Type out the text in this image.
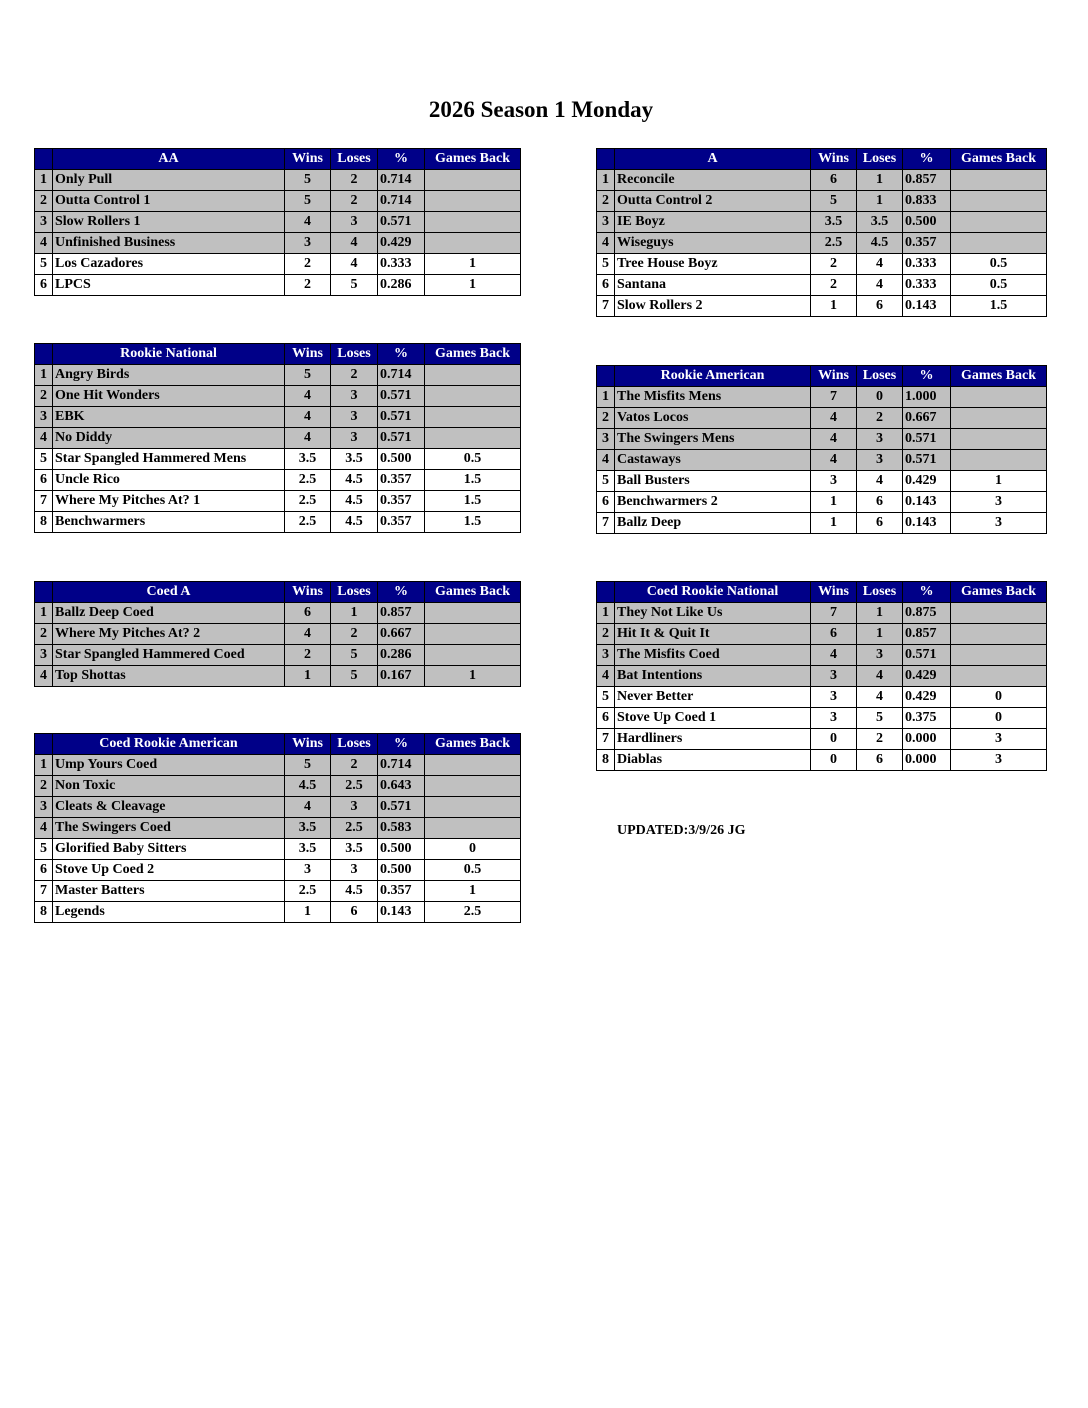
2026 Season 1 Monday
	AA	Wins	Loses	%	Games Back
1	Only Pull	5	2	0.714	
2	Outta Control 1	5	2	0.714	
3	Slow Rollers 1	4	3	0.571	
4	Unfinished Business	3	4	0.429	
5	Los Cazadores	2	4	0.333	1
6	LPCS	2	5	0.286	1
	A	Wins	Loses	%	Games Back
1	Reconcile	6	1	0.857	
2	Outta Control 2	5	1	0.833	
3	IE Boyz	3.5	3.5	0.500	
4	Wiseguys	2.5	4.5	0.357	
5	Tree House Boyz	2	4	0.333	0.5
6	Santana	2	4	0.333	0.5
7	Slow Rollers 2	1	6	0.143	1.5
	Rookie National	Wins	Loses	%	Games Back
1	Angry Birds	5	2	0.714	
2	One Hit Wonders	4	3	0.571	
3	EBK	4	3	0.571	
4	No Diddy	4	3	0.571	
5	Star Spangled Hammered Mens	3.5	3.5	0.500	0.5
6	Uncle Rico	2.5	4.5	0.357	1.5
7	Where My Pitches At? 1	2.5	4.5	0.357	1.5
8	Benchwarmers	2.5	4.5	0.357	1.5
	Rookie American	Wins	Loses	%	Games Back
1	The Misfits Mens	7	0	1.000	
2	Vatos Locos	4	2	0.667	
3	The Swingers Mens	4	3	0.571	
4	Castaways	4	3	0.571	
5	Ball Busters	3	4	0.429	1
6	Benchwarmers 2	1	6	0.143	3
7	Ballz Deep	1	6	0.143	3
	Coed A	Wins	Loses	%	Games Back
1	Ballz Deep Coed	6	1	0.857	
2	Where My Pitches At? 2	4	2	0.667	
3	Star Spangled Hammered Coed	2	5	0.286	
4	Top Shottas	1	5	0.167	1
	Coed Rookie National	Wins	Loses	%	Games Back
1	They Not Like Us	7	1	0.875	
2	Hit It & Quit It	6	1	0.857	
3	The Misfits Coed	4	3	0.571	
4	Bat Intentions	3	4	0.429	
5	Never Better	3	4	0.429	0
6	Stove Up Coed 1	3	5	0.375	0
7	Hardliners	0	2	0.000	3
8	Diablas	0	6	0.000	3
	Coed Rookie American	Wins	Loses	%	Games Back
1	Ump Yours Coed	5	2	0.714	
2	Non Toxic	4.5	2.5	0.643	
3	Cleats & Cleavage	4	3	0.571	
4	The Swingers Coed	3.5	2.5	0.583	
5	Glorified Baby Sitters	3.5	3.5	0.500	0
6	Stove Up Coed 2	3	3	0.500	0.5
7	Master Batters	2.5	4.5	0.357	1
8	Legends	1	6	0.143	2.5
UPDATED:3/9/26 JG
